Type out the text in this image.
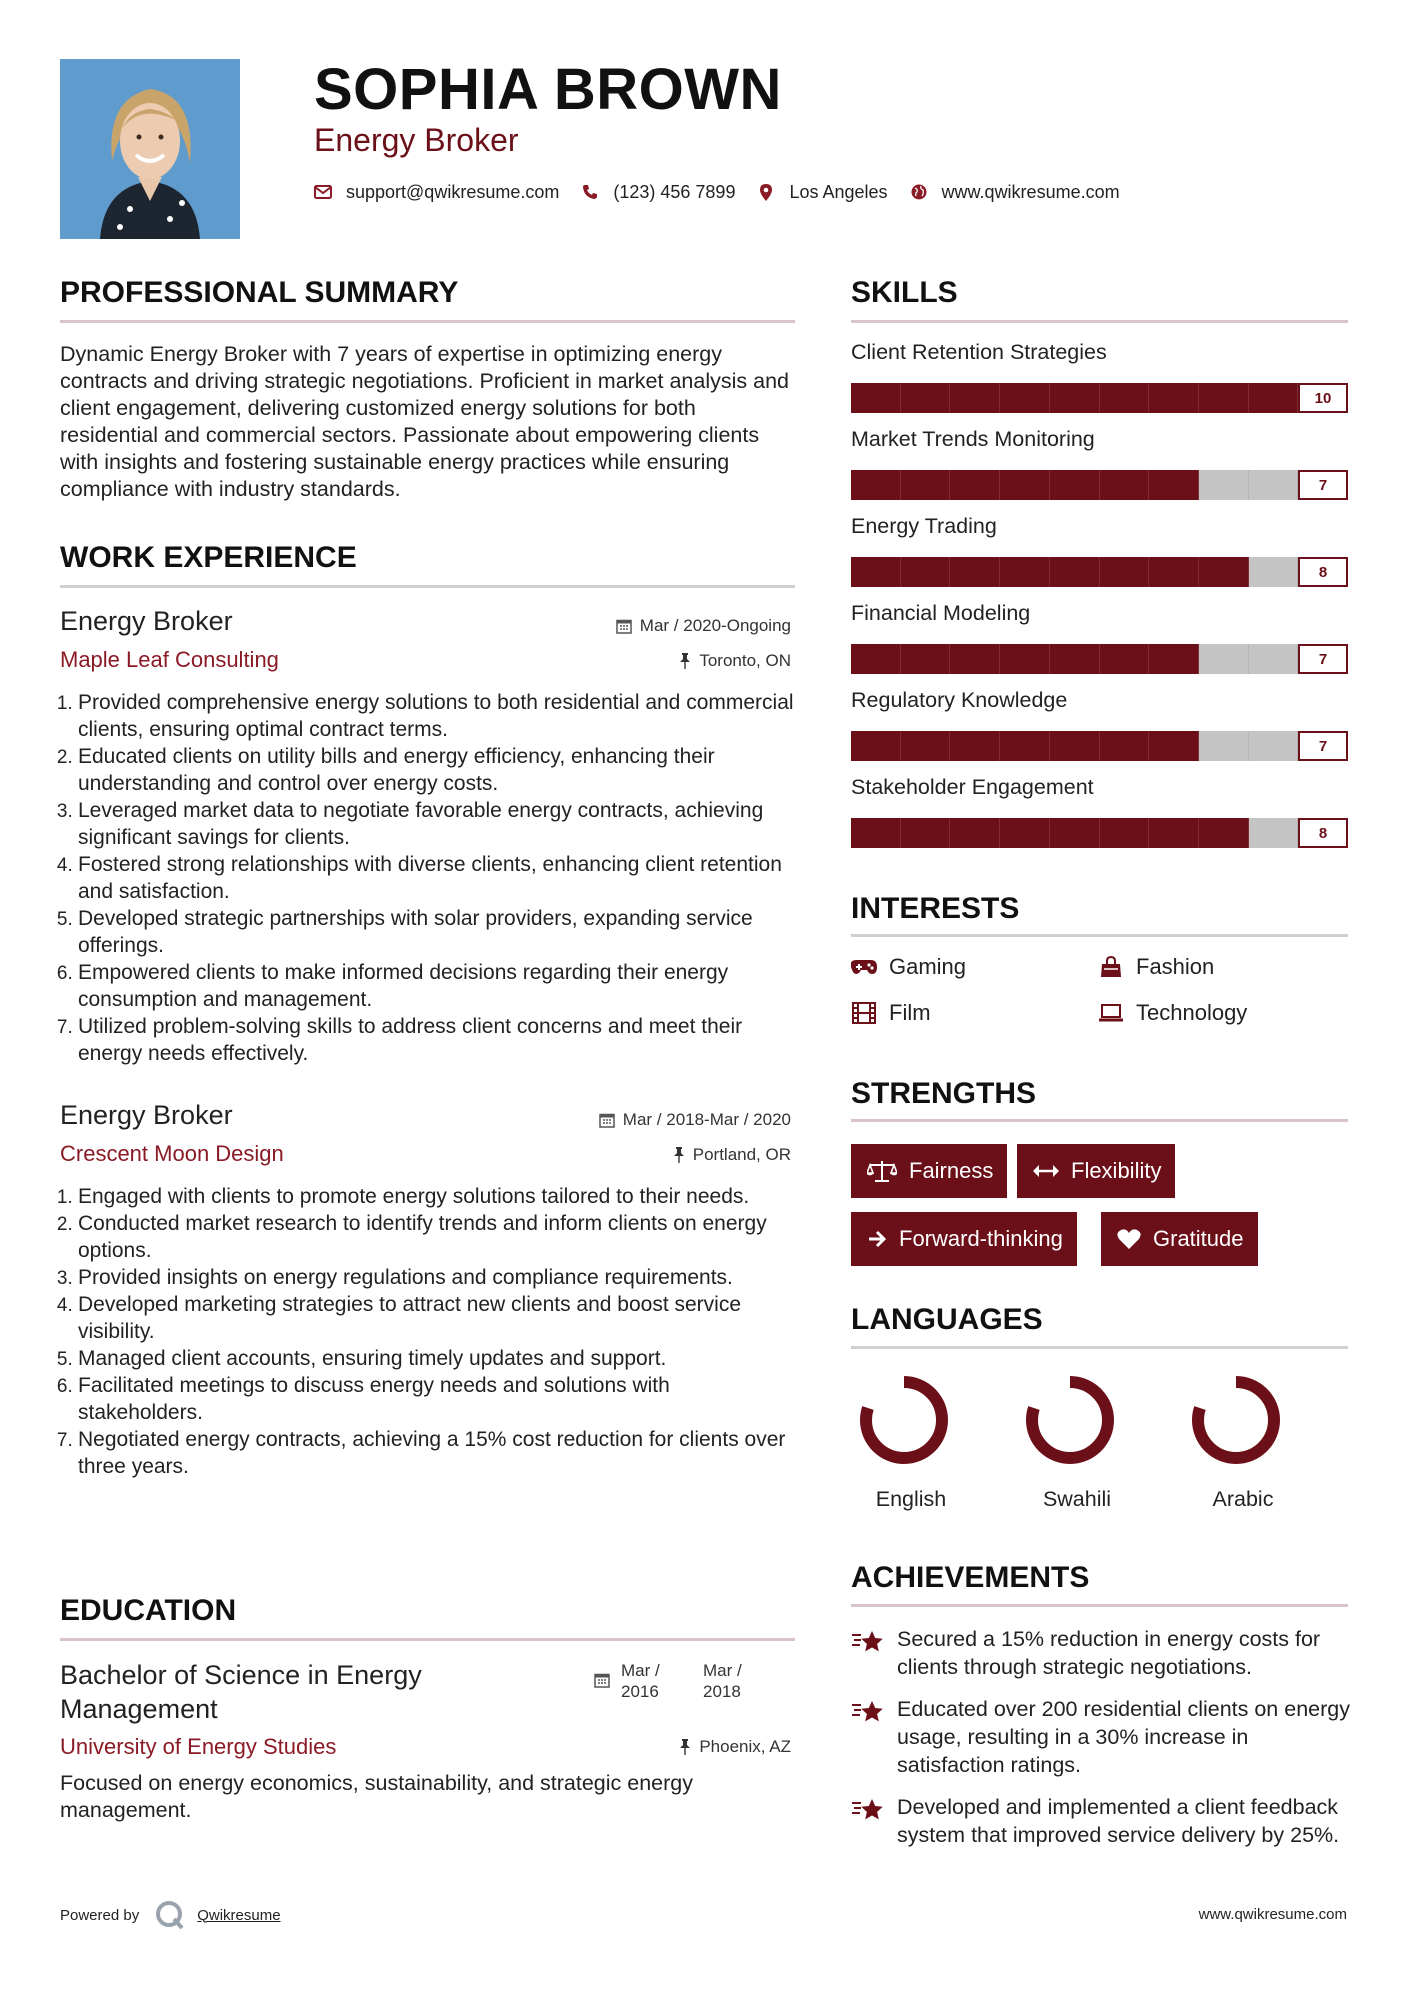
SOPHIA BROWN
Energy Broker
support@qwikresume.com	(123) 456 7899	Los Angeles	www.qwikresume.com
PROFESSIONAL SUMMARY
Dynamic Energy Broker with 7 years of expertise in optimizing energy contracts and driving strategic negotiations. Proficient in market analysis and client engagement, delivering customized energy solutions for both residential and commercial sectors. Passionate about empowering clients with insights and fostering sustainable energy practices while ensuring compliance with industry standards.
WORK EXPERIENCE
Energy Broker
Maple Leaf Consulting
Mar / 2020-Ongoing
Toronto, ON
1. Provided comprehensive energy solutions to both residential and commercial clients, ensuring optimal contract terms.
2. Educated clients on utility bills and energy efficiency, enhancing their understanding and control over energy costs.
3. Leveraged market data to negotiate favorable energy contracts, achieving significant savings for clients.
4. Fostered strong relationships with diverse clients, enhancing client retention and satisfaction.
5. Developed strategic partnerships with solar providers, expanding service offerings.
6. Empowered clients to make informed decisions regarding their energy consumption and management.
7. Utilized problem-solving skills to address client concerns and meet their energy needs effectively.
Energy Broker
Crescent Moon Design
Mar / 2018-Mar / 2020
Portland, OR
1. Engaged with clients to promote energy solutions tailored to their needs.
2. Conducted market research to identify trends and inform clients on energy options.
3. Provided insights on energy regulations and compliance requirements.
4. Developed marketing strategies to attract new clients and boost service visibility.
5. Managed client accounts, ensuring timely updates and support.
6. Facilitated meetings to discuss energy needs and solutions with stakeholders.
7. Negotiated energy contracts, achieving a 15% cost reduction for clients over three years.
EDUCATION
Bachelor of Science in Energy
Management
University of Energy Studies
Mar /
2016
Mar /
2018
Phoenix, AZ
Focused on energy economics, sustainability, and strategic energy management.
SKILLS
Client Retention Strategies
10
Market Trends Monitoring
7
Energy Trading
8
Financial Modeling
7
Regulatory Knowledge
7
Stakeholder Engagement
8
INTERESTS
Gaming	Fashion
Film	Technology
STRENGTHS
Fairness	Flexibility
Forward-thinking	Gratitude
LANGUAGES
English	Swahili	Arabic
ACHIEVEMENTS
Secured a 15% reduction in energy costs for clients through strategic negotiations.
Educated over 200 residential clients on energy usage, resulting in a 30% increase in satisfaction ratings.
Developed and implemented a client feedback system that improved service delivery by 25%.
Powered by	Qwikresume	www.qwikresume.com
